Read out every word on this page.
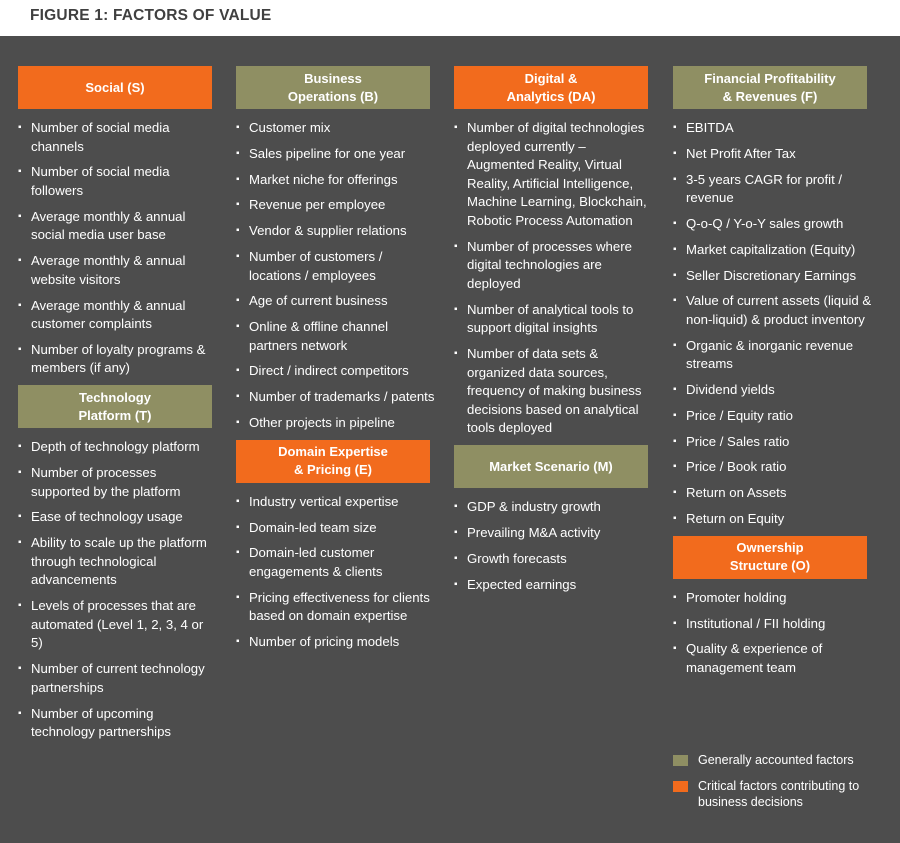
FIGURE 1: FACTORS OF VALUE
Social (S)
▪ Number of social media channels
▪ Number of social media followers
▪ Average monthly & annual social media user base
▪ Average monthly & annual website visitors
▪ Average monthly & annual customer complaints
▪ Number of loyalty programs & members (if any)
Technology
Platform (T)
▪ Depth of technology platform
▪ Number of processes supported by the platform
▪ Ease of technology usage
▪ Ability to scale up the platform through technological advancements
▪ Levels of processes that are automated (Level 1, 2, 3, 4 or 5)
▪ Number of current technology partnerships
▪ Number of upcoming technology partnerships
Business
Operations (B)
▪ Customer mix
▪ Sales pipeline for one year
▪ Market niche for offerings
▪ Revenue per employee
▪ Vendor & supplier relations
▪ Number of customers / locations / employees
▪ Age of current business
▪ Online & offline channel partners network
▪ Direct / indirect competitors
▪ Number of trademarks / patents
▪ Other projects in pipeline
Domain Expertise
& Pricing (E)
▪ Industry vertical expertise
▪ Domain-led team size
▪ Domain-led customer engagements & clients
▪ Pricing effectiveness for clients based on domain expertise
▪ Number of pricing models
Digital &
Analytics (DA)
▪ Number of digital technologies deployed currently – Augmented Reality, Virtual Reality, Artificial Intelligence, Machine Learning, Blockchain, Robotic Process Automation
▪ Number of processes where digital technologies are deployed
▪ Number of analytical tools to support digital insights
▪ Number of data sets & organized data sources, frequency of making business decisions based on analytical tools deployed
Market Scenario (M)
▪ GDP & industry growth
▪ Prevailing M&A activity
▪ Growth forecasts
▪ Expected earnings
Financial Profitability
& Revenues (F)
▪ EBITDA
▪ Net Profit After Tax
▪ 3-5 years CAGR for profit / revenue
▪ Q-o-Q / Y-o-Y sales growth
▪ Market capitalization (Equity)
▪ Seller Discretionary Earnings
▪ Value of current assets (liquid & non-liquid) & product inventory
▪ Organic & inorganic revenue streams
▪ Dividend yields
▪ Price / Equity ratio
▪ Price / Sales ratio
▪ Price / Book ratio
▪ Return on Assets
▪ Return on Equity
Ownership
Structure (O)
▪ Promoter holding
▪ Institutional / FII holding
▪ Quality & experience of management team
Generally accounted factors
Critical factors contributing to business decisions
